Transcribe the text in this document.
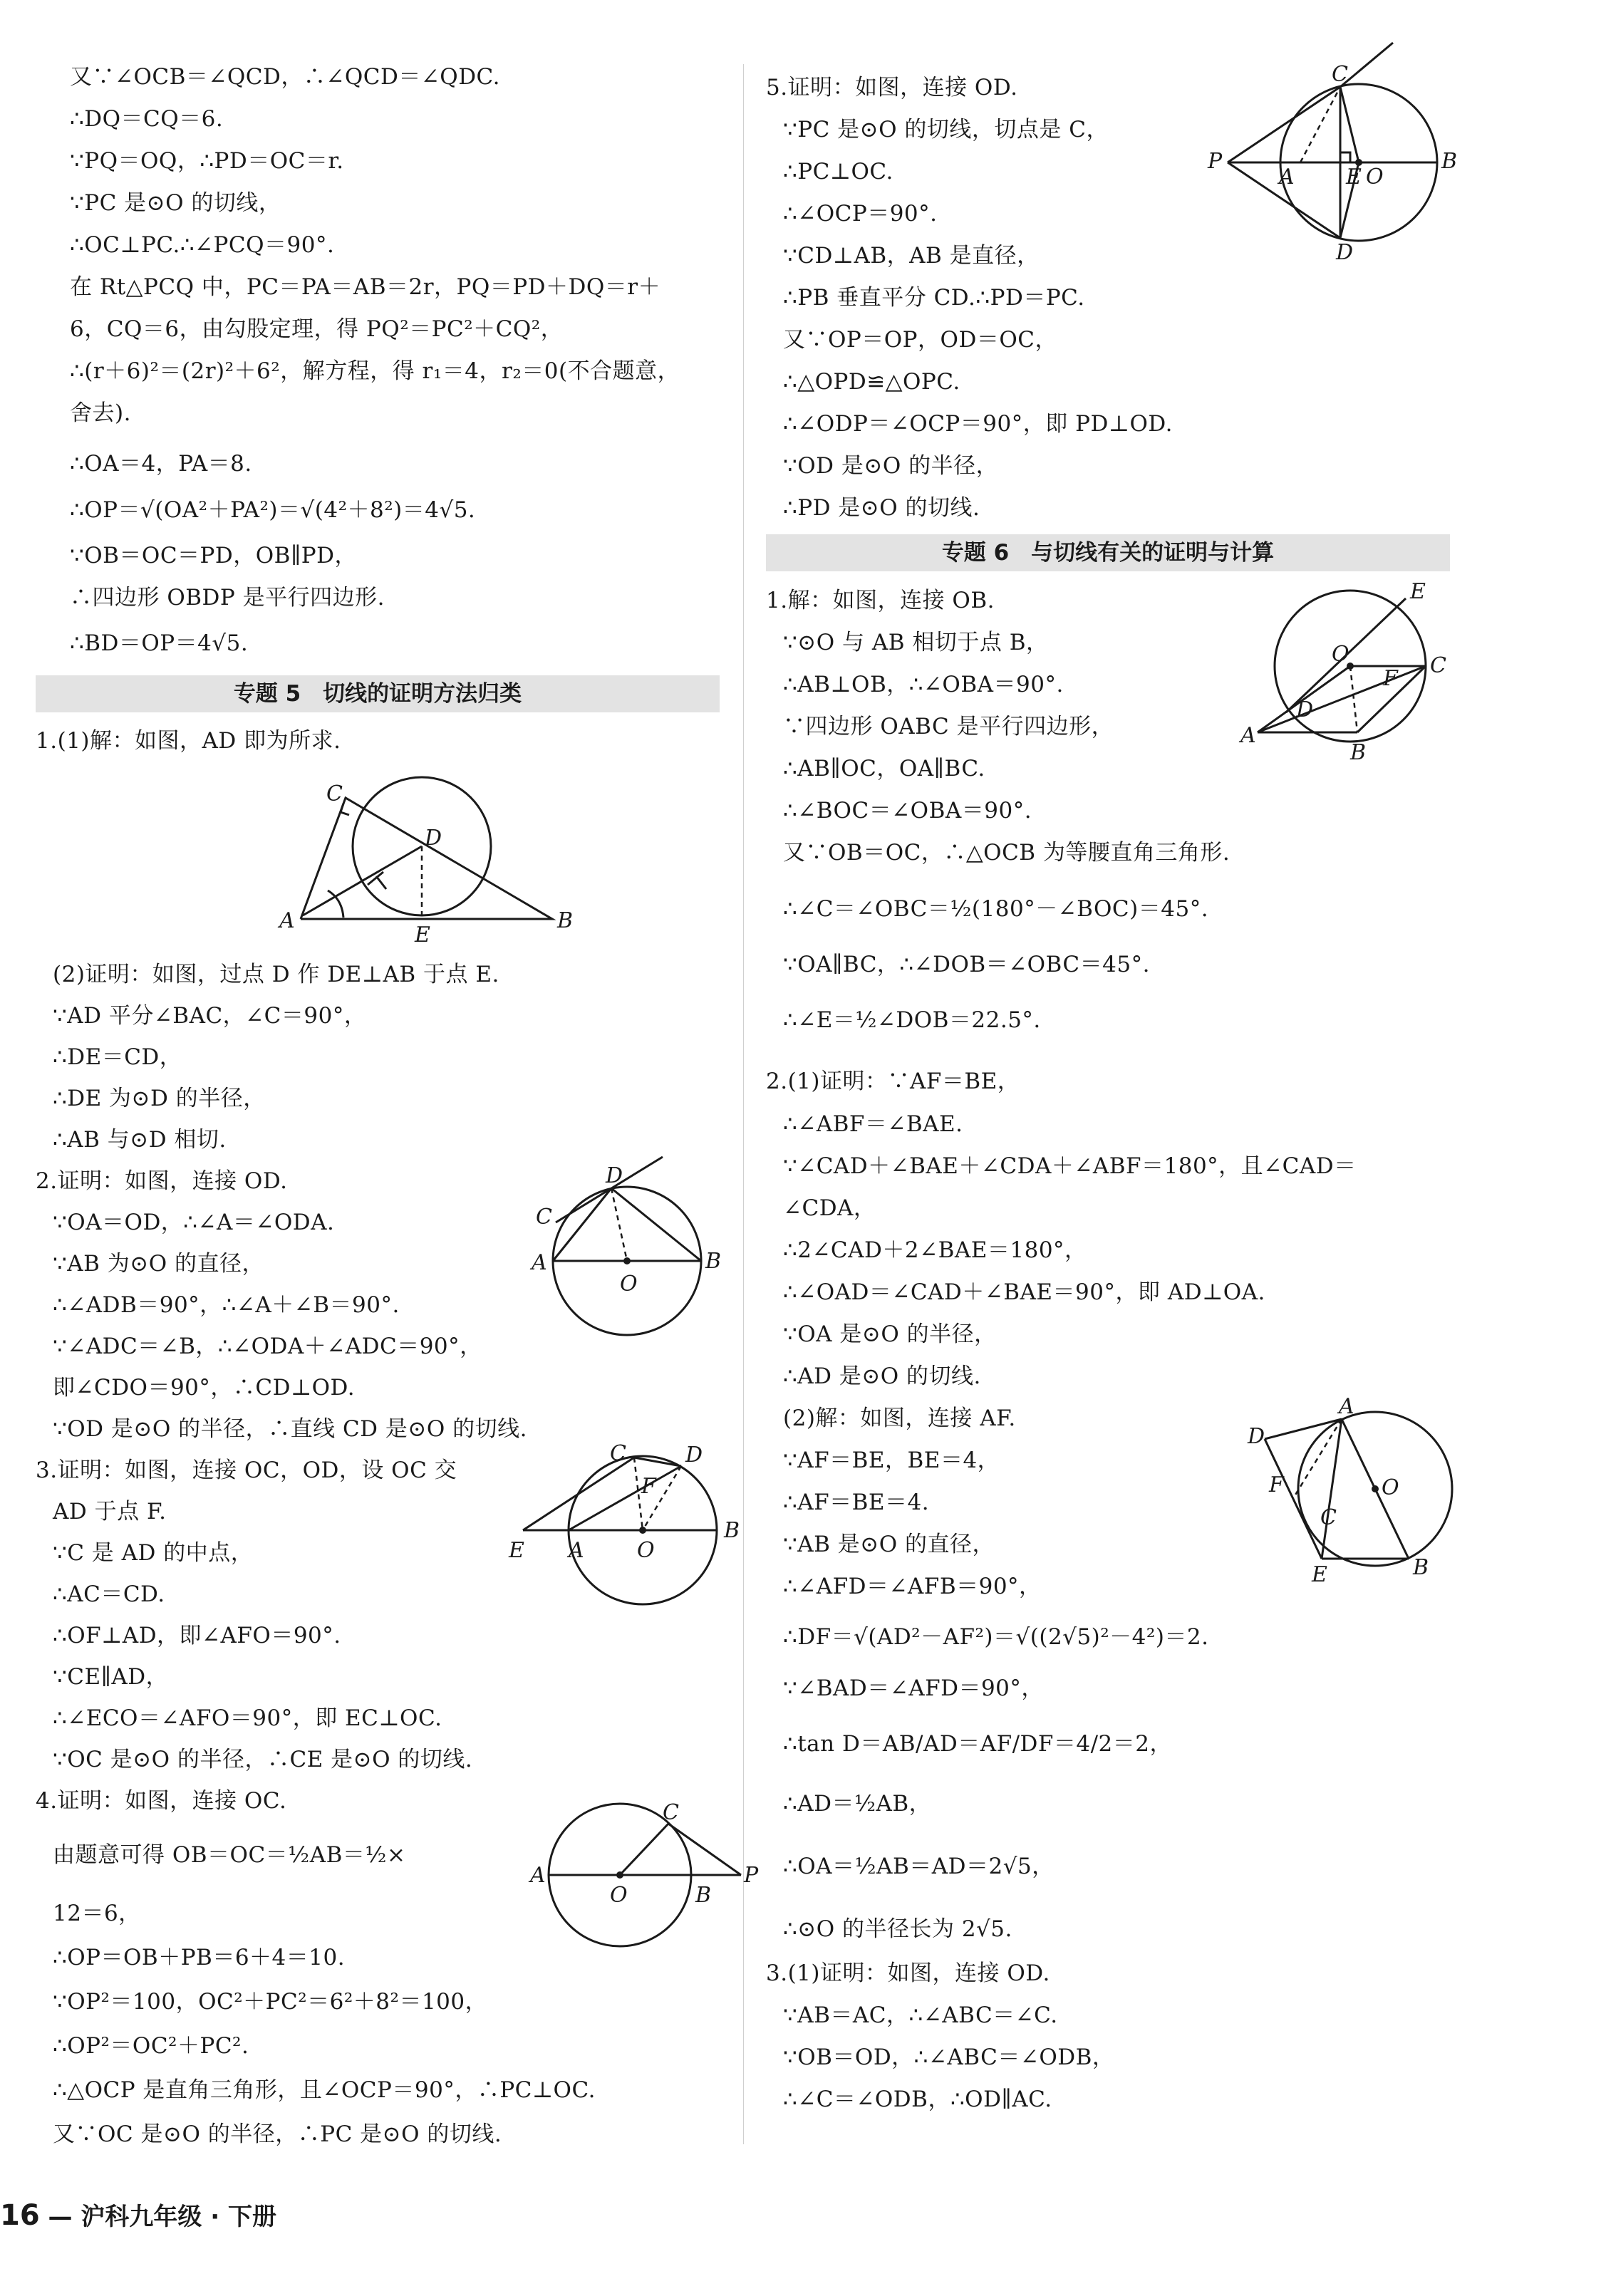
又∵∠OCB＝∠QCD，∴∠QCD＝∠QDC.
∴DQ＝CQ＝6.
∵PQ＝OQ，∴PD＝OC＝r.
∵PC 是⊙O 的切线，
∴OC⊥PC.∴∠PCQ＝90°.
在 Rt△PCQ 中，PC＝PA＝AB＝2r，PQ＝PD＋DQ＝r＋
6，CQ＝6，由勾股定理，得 PQ²＝PC²＋CQ²，
∴(r＋6)²＝(2r)²＋6²，解方程，得 r₁＝4，r₂＝0(不合题意，
舍去).
∴OA＝4，PA＝8.
∴OP＝√(OA²＋PA²)＝√(4²＋8²)＝4√5.
∵OB＝OC＝PD，OB∥PD，
∴四边形 OBDP 是平行四边形.
∴BD＝OP＝4√5.
专题 5　切线的证明方法归类
1.(1)解：如图，AD 即为所求.
C
D
A
E
B
(2)证明：如图，过点 D 作 DE⊥AB 于点 E.
∵AD 平分∠BAC，∠C＝90°，
∴DE＝CD，
∴DE 为⊙D 的半径，
∴AB 与⊙D 相切.
2.证明：如图，连接 OD.
∵OA＝OD，∴∠A＝∠ODA.
∵AB 为⊙O 的直径，
∴∠ADB＝90°，∴∠A＋∠B＝90°.
∵∠ADC＝∠B，∴∠ODA＋∠ADC＝90°，
即∠CDO＝90°，∴CD⊥OD.
∵OD 是⊙O 的半径，∴直线 CD 是⊙O 的切线.
D
C
A
O
B
3.证明：如图，连接 OC，OD，设 OC 交
AD 于点 F.
∵C 是 AD 的中点，
∴AC＝CD.
∴OF⊥AD，即∠AFO＝90°.
∵CE∥AD，
∴∠ECO＝∠AFO＝90°，即 EC⊥OC.
∵OC 是⊙O 的半径，∴CE 是⊙O 的切线.
C	D
F
E A O
B
4.证明：如图，连接 OC.
由题意可得 OB＝OC＝½AB＝½×
12＝6，
C
A
O	B
P
∴OP＝OB＋PB＝6＋4＝10.
∵OP²＝100，OC²＋PC²＝6²＋8²＝100，
∴OP²＝OC²＋PC².
∴△OCP 是直角三角形，且∠OCP＝90°，∴PC⊥OC.
又∵OC 是⊙O 的半径，∴PC 是⊙O 的切线.
5.证明：如图，连接 OD.
∵PC 是⊙O 的切线，切点是 C，
∴PC⊥OC.
∴∠OCP＝90°.
∵CD⊥AB，AB 是直径，
∴PB 垂直平分 CD.∴PD＝PC.
又∵OP＝OP，OD＝OC，
∴△OPD≌△OPC.
∴∠ODP＝∠OCP＝90°，即 PD⊥OD.
∵OD 是⊙O 的半径，
∴PD 是⊙O 的切线.
C
P
A E O
B
D
专题 6　与切线有关的证明与计算
1.解：如图，连接 OB.
∵⊙O 与 AB 相切于点 B，
∴AB⊥OB，∴∠OBA＝90°.
∵四边形 OABC 是平行四边形，
∴AB∥OC，OA∥BC.
∴∠BOC＝∠OBA＝90°.
又∵OB＝OC，∴△OCB 为等腰直角三角形.
∴∠C＝∠OBC＝½(180°－∠BOC)＝45°.
∵OA∥BC，∴∠DOB＝∠OBC＝45°.
∴∠E＝½∠DOB＝22.5°.
E
O
F
C
D
A
B
2.(1)证明：∵AF＝BE，
∴∠ABF＝∠BAE.
∵∠CAD＋∠BAE＋∠CDA＋∠ABF＝180°，且∠CAD＝
∠CDA，
∴2∠CAD＋2∠BAE＝180°，
∴∠OAD＝∠CAD＋∠BAE＝90°，即 AD⊥OA.
∵OA 是⊙O 的半径，
∴AD 是⊙O 的切线.
(2)解：如图，连接 AF.
∵AF＝BE，BE＝4，
∴AF＝BE＝4.
∵AB 是⊙O 的直径，
∴∠AFD＝∠AFB＝90°，
A
D
O
F
C
E	B
∴DF＝√(AD²－AF²)＝√((2√5)²－4²)＝2.
∵∠BAD＝∠AFD＝90°，
∴tan D＝AB/AD＝AF/DF＝4/2＝2，
∴AD＝½AB，
∴OA＝½AB＝AD＝2√5，
∴⊙O 的半径长为 2√5.
3.(1)证明：如图，连接 OD.
∵AB＝AC，∴∠ABC＝∠C.
∵OB＝OD，∴∠ABC＝∠ODB，
∴∠C＝∠ODB，∴OD∥AC.
16 — 沪科九年级 · 下册
